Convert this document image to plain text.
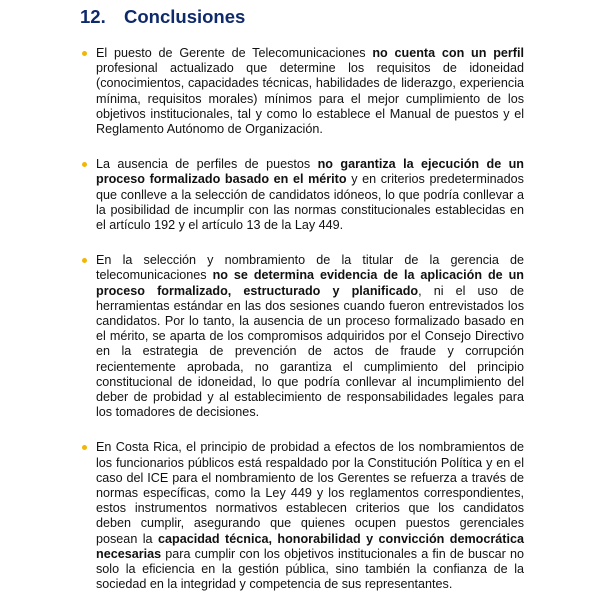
12. Conclusiones
El puesto de Gerente de Telecomunicaciones no cuenta con un perfil profesional actualizado que determine los requisitos de idoneidad (conocimientos, capacidades técnicas, habilidades de liderazgo, experiencia mínima, requisitos morales) mínimos para el mejor cumplimiento de los objetivos institucionales, tal y como lo establece el Manual de puestos y el Reglamento Autónomo de Organización.
La ausencia de perfiles de puestos no garantiza la ejecución de un proceso formalizado basado en el mérito y en criterios predeterminados que conlleve a la selección de candidatos idóneos, lo que podría conllevar a la posibilidad de incumplir con las normas constitucionales establecidas en el artículo 192 y el artículo 13 de la Lay 449.
En la selección y nombramiento de la titular de la gerencia de telecomunicaciones no se determina evidencia de la aplicación de un proceso formalizado, estructurado y planificado, ni el uso de herramientas estándar en las dos sesiones cuando fueron entrevistados los candidatos. Por lo tanto, la ausencia de un proceso formalizado basado en el mérito, se aparta de los compromisos adquiridos por el Consejo Directivo en la estrategia de prevención de actos de fraude y corrupción recientemente aprobada, no garantiza el cumplimiento del principio constitucional de idoneidad, lo que podría conllevar al incumplimiento del deber de probidad y al establecimiento de responsabilidades legales para los tomadores de decisiones.
En Costa Rica, el principio de probidad a efectos de los nombramientos de los funcionarios públicos está respaldado por la Constitución Política y en el caso del ICE para el nombramiento de los Gerentes se refuerza a través de normas específicas, como la Ley 449 y los reglamentos correspondientes, estos instrumentos normativos establecen criterios que los candidatos deben cumplir, asegurando que quienes ocupen puestos gerenciales posean la capacidad técnica, honorabilidad y convicción democrática necesarias para cumplir con los objetivos institucionales a fin de buscar no solo la eficiencia en la gestión pública, sino también la confianza de la sociedad en la integridad y competencia de sus representantes.
